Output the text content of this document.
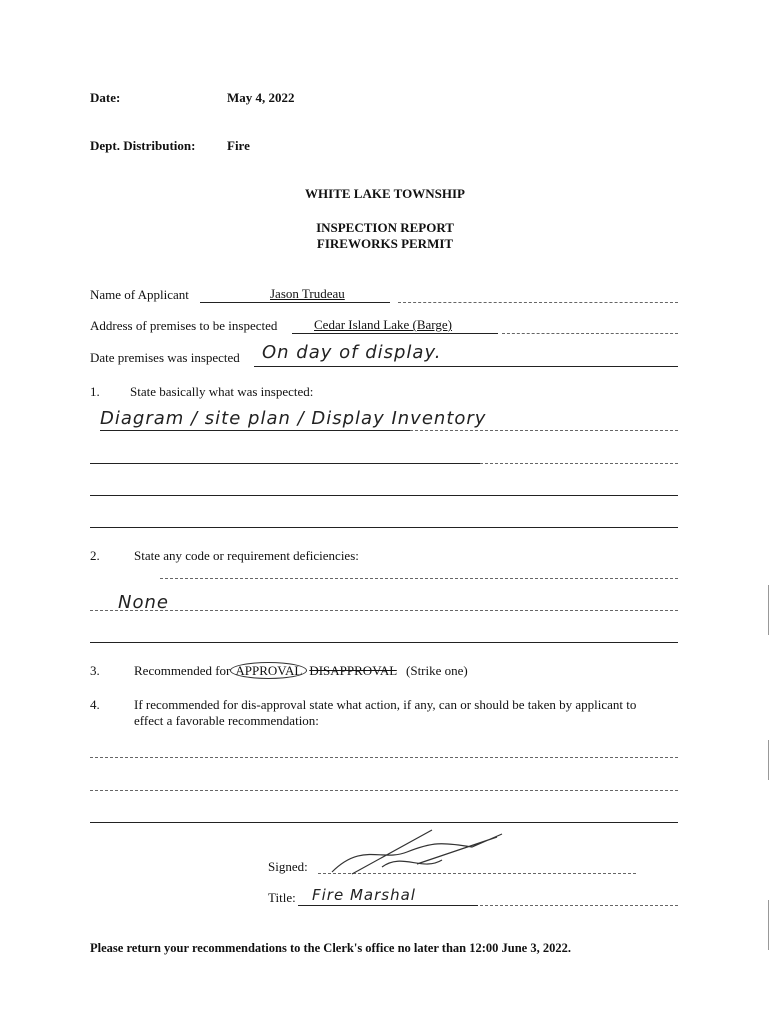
Date:	May 4, 2022
Dept. Distribution: Fire
WHITE LAKE TOWNSHIP
INSPECTION REPORT
FIREWORKS PERMIT
Name of Applicant	Jason Trudeau
Address of premises to be inspected	Cedar Island Lake (Barge)
Date premises was inspected On day of display.
1. State basically what was inspected:
Diagram / site plan / Display Inventory
2.	State any code or requirement deficiencies:
None
3.	Recommended for APPROVAL DISAPPROVAL (Strike one)
4.	If recommended for dis-approval state what action, if any, can or should be taken by applicant to
effect a favorable recommendation:
Signed:
Title: Fire Marshal
Please return your recommendations to the Clerk's office no later than 12:00 June 3, 2022.
